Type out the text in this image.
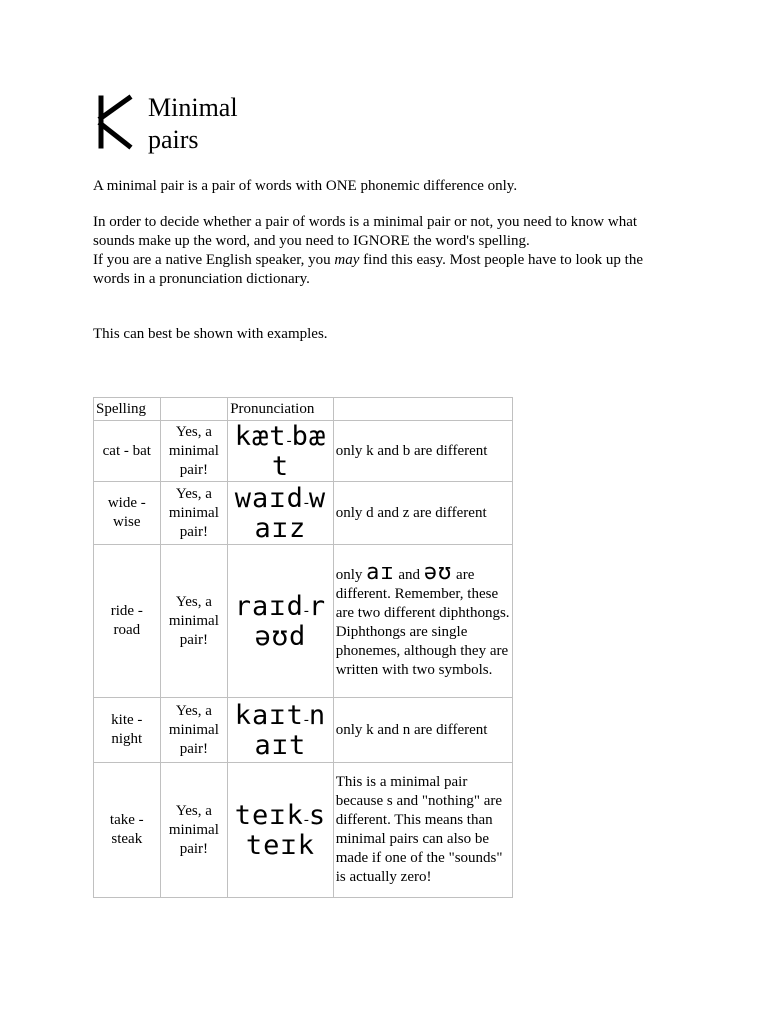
Minimal
pairs

A minimal pair is a pair of words with ONE phonemic difference only.

In order to decide whether a pair of words is a minimal pair or not, you need to know what sounds make up the word, and you need to IGNORE the word's spelling.
If you are a native English speaker, you may find this easy. Most people have to look up the words in a pronunciation dictionary.

This can best be shown with examples.

Spelling		Pronunciation	
cat - bat	Yes, a minimal pair!	kæt-bæt	only k and b are different
wide - wise	Yes, a minimal pair!	waɪd-waɪz	only d and z are different
ride - road	Yes, a minimal pair!	raɪd-rəʊd	only aɪ and əʊ are different. Remember, these are two different diphthongs. Diphthongs are single phonemes, although they are written with two symbols.
kite - night	Yes, a minimal pair!	kaɪt-naɪt	only k and n are different
take - steak	Yes, a minimal pair!	teɪk-steɪk	This is a minimal pair because s and "nothing" are different. This means than minimal pairs can also be made if one of the "sounds" is actually zero!
